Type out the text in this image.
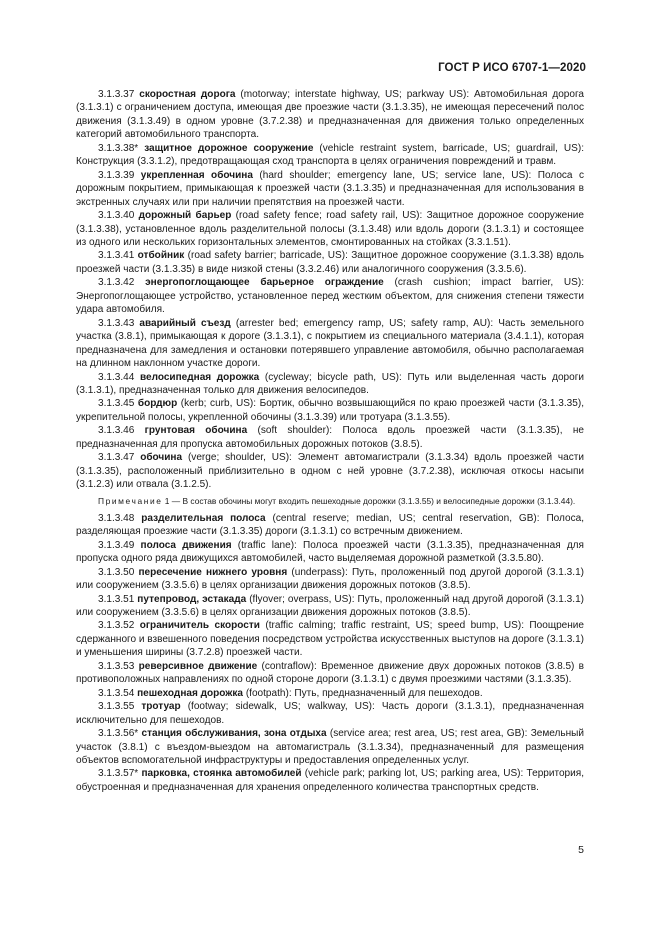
ГОСТ Р ИСО 6707-1—2020

3.1.3.37 скоростная дорога (motorway; interstate highway, US; parkway US): Автомобильная дорога (3.1.3.1) с ограничением доступа, имеющая две проезжие части (3.1.3.35), не имеющая пересечений полос движения (3.1.3.49) в одном уровне (3.7.2.38) и предназначенная для движения только определенных категорий автомобильного транспорта.

3.1.3.38* защитное дорожное сооружение (vehicle restraint system, barricade, US; guardrail, US): Конструкция (3.3.1.2), предотвращающая сход транспорта в целях ограничения повреждений и травм.

3.1.3.39 укрепленная обочина (hard shoulder; emergency lane, US; service lane, US): Полоса с дорожным покрытием, примыкающая к проезжей части (3.1.3.35) и предназначенная для использования в экстренных случаях или при наличии препятствия на проезжей части.

3.1.3.40 дорожный барьер (road safety fence; road safety rail, US): Защитное дорожное сооружение (3.1.3.38), установленное вдоль разделительной полосы (3.1.3.48) или вдоль дороги (3.1.3.1) и состоящее из одного или нескольких горизонтальных элементов, смонтированных на стойках (3.3.1.51).

3.1.3.41 отбойник (road safety barrier; barricade, US): Защитное дорожное сооружение (3.1.3.38) вдоль проезжей части (3.1.3.35) в виде низкой стены (3.3.2.46) или аналогичного сооружения (3.3.5.6).

3.1.3.42 энергопоглощающее барьерное ограждение (crash cushion; impact barrier, US): Энергопоглощающее устройство, установленное перед жестким объектом, для снижения степени тяжести удара автомобиля.

3.1.3.43 аварийный съезд (arrester bed; emergency ramp, US; safety ramp, AU): Часть земельного участка (3.8.1), примыкающая к дороге (3.1.3.1), с покрытием из специального материала (3.4.1.1), которая предназначена для замедления и остановки потерявшего управление автомобиля, обычно располагаемая на длинном наклонном участке дороги.

3.1.3.44 велосипедная дорожка (cycleway; bicycle path, US): Путь или выделенная часть дороги (3.1.3.1), предназначенная только для движения велосипедов.

3.1.3.45 бордюр (kerb; curb, US): Бортик, обычно возвышающийся по краю проезжей части (3.1.3.35), укрепительной полосы, укрепленной обочины (3.1.3.39) или тротуара (3.1.3.55).

3.1.3.46 грунтовая обочина (soft shoulder): Полоса вдоль проезжей части (3.1.3.35), не предназначенная для пропуска автомобильных дорожных потоков (3.8.5).

3.1.3.47 обочина (verge; shoulder, US): Элемент автомагистрали (3.1.3.34) вдоль проезжей части (3.1.3.35), расположенный приблизительно в одном с ней уровне (3.7.2.38), исключая откосы насыпи (3.1.2.3) или отвала (3.1.2.5).

Примечание 1 — В состав обочины могут входить пешеходные дорожки (3.1.3.55) и велосипедные дорожки (3.1.3.44).

3.1.3.48 разделительная полоса (central reserve; median, US; central reservation, GB): Полоса, разделяющая проезжие части (3.1.3.35) дороги (3.1.3.1) со встречным движением.

3.1.3.49 полоса движения (traffic lane): Полоса проезжей части (3.1.3.35), предназначенная для пропуска одного ряда движущихся автомобилей, часто выделяемая дорожной разметкой (3.3.5.80).

3.1.3.50 пересечение нижнего уровня (underpass): Путь, проложенный под другой дорогой (3.1.3.1) или сооружением (3.3.5.6) в целях организации движения дорожных потоков (3.8.5).

3.1.3.51 путепровод, эстакада (flyover; overpass, US): Путь, проложенный над другой дорогой (3.1.3.1) или сооружением (3.3.5.6) в целях организации движения дорожных потоков (3.8.5).

3.1.3.52 ограничитель скорости (traffic calming; traffic restraint, US; speed bump, US): Поощрение сдержанного и взвешенного поведения посредством устройства искусственных выступов на дороге (3.1.3.1) и уменьшения ширины (3.7.2.8) проезжей части.

3.1.3.53 реверсивное движение (contraflow): Временное движение двух дорожных потоков (3.8.5) в противоположных направлениях по одной стороне дороги (3.1.3.1) с двумя проезжими частями (3.1.3.35).

3.1.3.54 пешеходная дорожка (footpath): Путь, предназначенный для пешеходов.

3.1.3.55 тротуар (footway; sidewalk, US; walkway, US): Часть дороги (3.1.3.1), предназначенная исключительно для пешеходов.

3.1.3.56* станция обслуживания, зона отдыха (service area; rest area, US; rest area, GB): Земельный участок (3.8.1) с въездом-выездом на автомагистраль (3.1.3.34), предназначенный для размещения объектов вспомогательной инфраструктуры и предоставления определенных услуг.

3.1.3.57* парковка, стоянка автомобилей (vehicle park; parking lot, US; parking area, US): Территория, обустроенная и предназначенная для хранения определенного количества транспортных средств.

5
